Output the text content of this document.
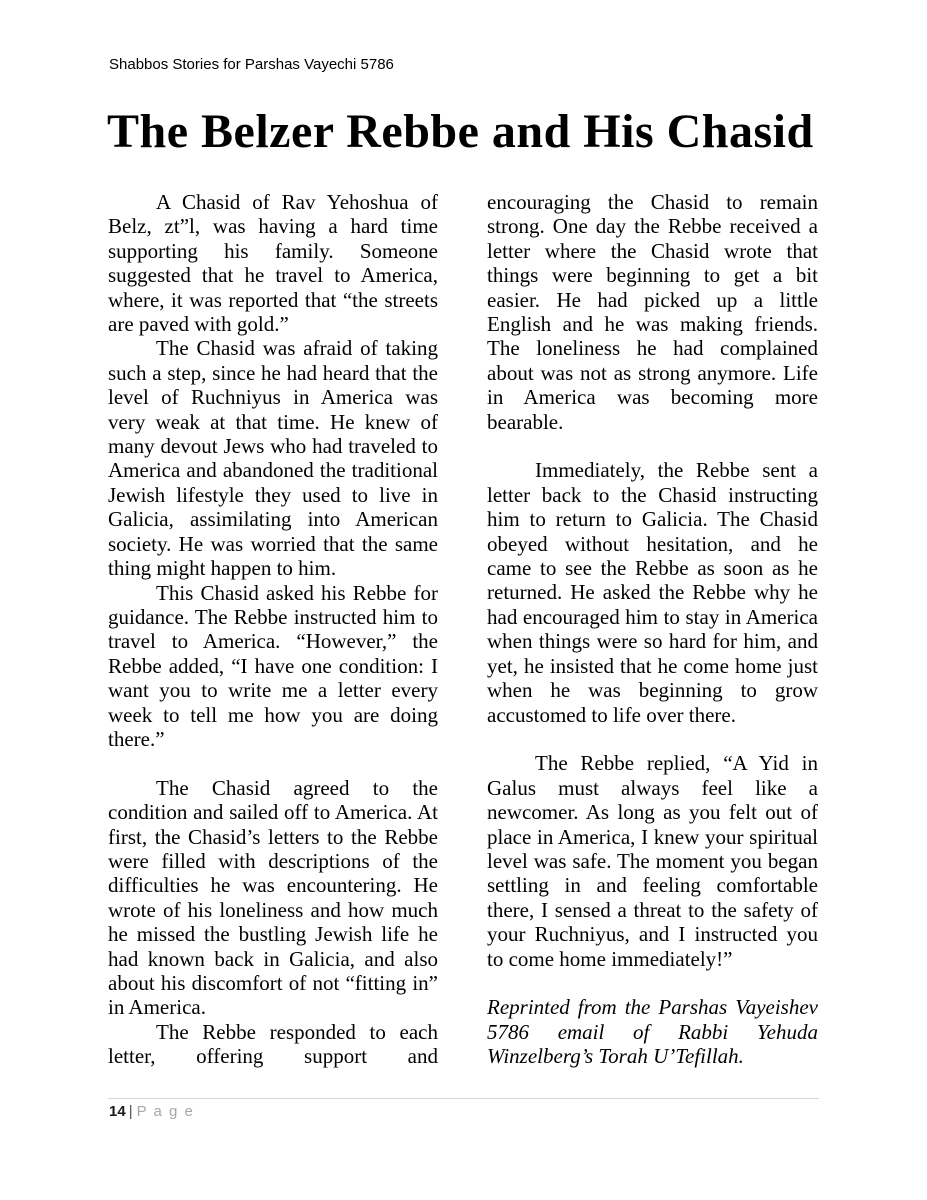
Shabbos Stories for Parshas Vayechi 5786
The Belzer Rebbe and His Chasid

A Chasid of Rav Yehoshua of Belz, zt”l, was having a hard time supporting his family. Someone suggested that he travel to America, where, it was reported that “the streets are paved with gold.”

The Chasid was afraid of taking such a step, since he had heard that the level of Ruchniyus in America was very weak at that time. He knew of many devout Jews who had traveled to America and abandoned the traditional Jewish lifestyle they used to live in Galicia, assimilating into American society. He was worried that the same thing might happen to him.

This Chasid asked his Rebbe for guidance. The Rebbe instructed him to travel to America. “However,” the Rebbe added, “I have one condition: I want you to write me a letter every week to tell me how you are doing there.”

The Chasid agreed to the condition and sailed off to America. At first, the Chasid’s letters to the Rebbe were filled with descriptions of the difficulties he was encountering. He wrote of his loneliness and how much he missed the bustling Jewish life he had known back in Galicia, and also about his discomfort of not “fitting in” in America.

The Rebbe responded to each letter, offering support and

encouraging the Chasid to remain strong. One day the Rebbe received a letter where the Chasid wrote that things were beginning to get a bit easier. He had picked up a little English and he was making friends. The loneliness he had complained about was not as strong anymore. Life in America was becoming more bearable.

Immediately, the Rebbe sent a letter back to the Chasid instructing him to return to Galicia. The Chasid obeyed without hesitation, and he came to see the Rebbe as soon as he returned. He asked the Rebbe why he had encouraged him to stay in America when things were so hard for him, and yet, he insisted that he come home just when he was beginning to grow accustomed to life over there.

The Rebbe replied, “A Yid in Galus must always feel like a newcomer. As long as you felt out of place in America, I knew your spiritual level was safe. The moment you began settling in and feeling comfortable there, I sensed a threat to the safety of your Ruchniyus, and I instructed you to come home immediately!”

Reprinted from the Parshas Vayeishev 5786 email of Rabbi Yehuda Winzelberg’s Torah U’Tefillah.

14 | P a g e
